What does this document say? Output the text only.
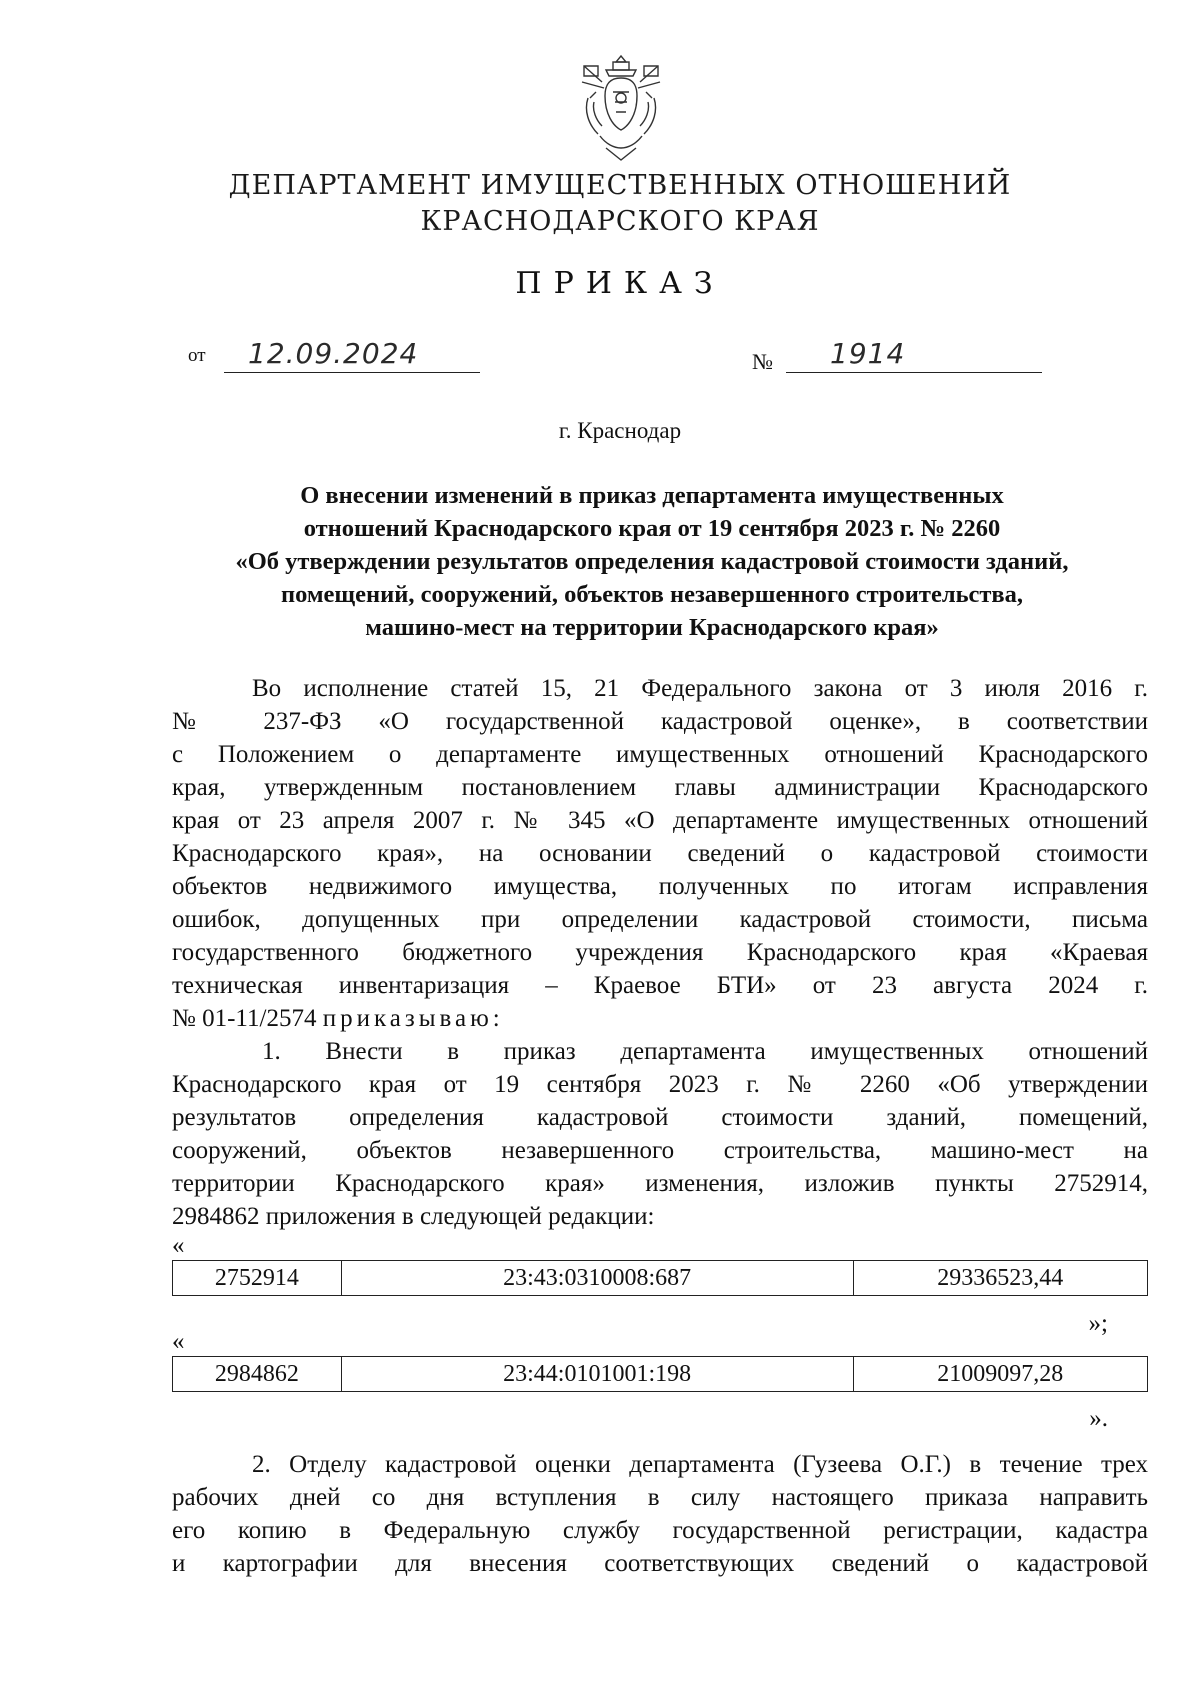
ДЕПАРТАМЕНТ ИМУЩЕСТВЕННЫХ ОТНОШЕНИЙ
КРАСНОДАРСКОГО КРАЯ
ПРИКАЗ
от 12.09.2024	№ 1914
г. Краснодар
О внесении изменений в приказ департамента имущественных
отношений Краснодарского края от 19 сентября 2023 г. № 2260
«Об утверждении результатов определения кадастровой стоимости зданий,
помещений, сооружений, объектов незавершенного строительства,
машино-мест на территории Краснодарского края»
Во исполнение статей 15, 21 Федерального закона от 3 июля 2016 г.
№ 237-ФЗ «О государственной кадастровой оценке», в соответствии
с Положением о департаменте имущественных отношений Краснодарского
края, утвержденным постановлением главы администрации Краснодарского
края от 23 апреля 2007 г. № 345 «О департаменте имущественных отношений
Краснодарского края», на основании сведений о кадастровой стоимости
объектов недвижимого имущества, полученных по итогам исправления
ошибок, допущенных при определении кадастровой стоимости, письма
государственного бюджетного учреждения Краснодарского края «Краевая
техническая инвентаризация – Краевое БТИ» от 23 августа 2024 г.
№ 01-11/2574 приказываю:
1. Внести в приказ департамента имущественных отношений
Краснодарского края от 19 сентября 2023 г. № 2260 «Об утверждении
результатов определения кадастровой стоимости зданий, помещений,
сооружений, объектов незавершенного строительства, машино-мест на
территории Краснодарского края» изменения, изложив пункты 2752914,
2984862 приложения в следующей редакции:
«
2752914	23:43:0310008:687	29336523,44
»;
«
2984862	23:44:0101001:198	21009097,28
».
2. Отделу кадастровой оценки департамента (Гузеева О.Г.) в течение трех
рабочих дней со дня вступления в силу настоящего приказа направить
его копию в Федеральную службу государственной регистрации, кадастра
и картографии для внесения соответствующих сведений о кадастровой
